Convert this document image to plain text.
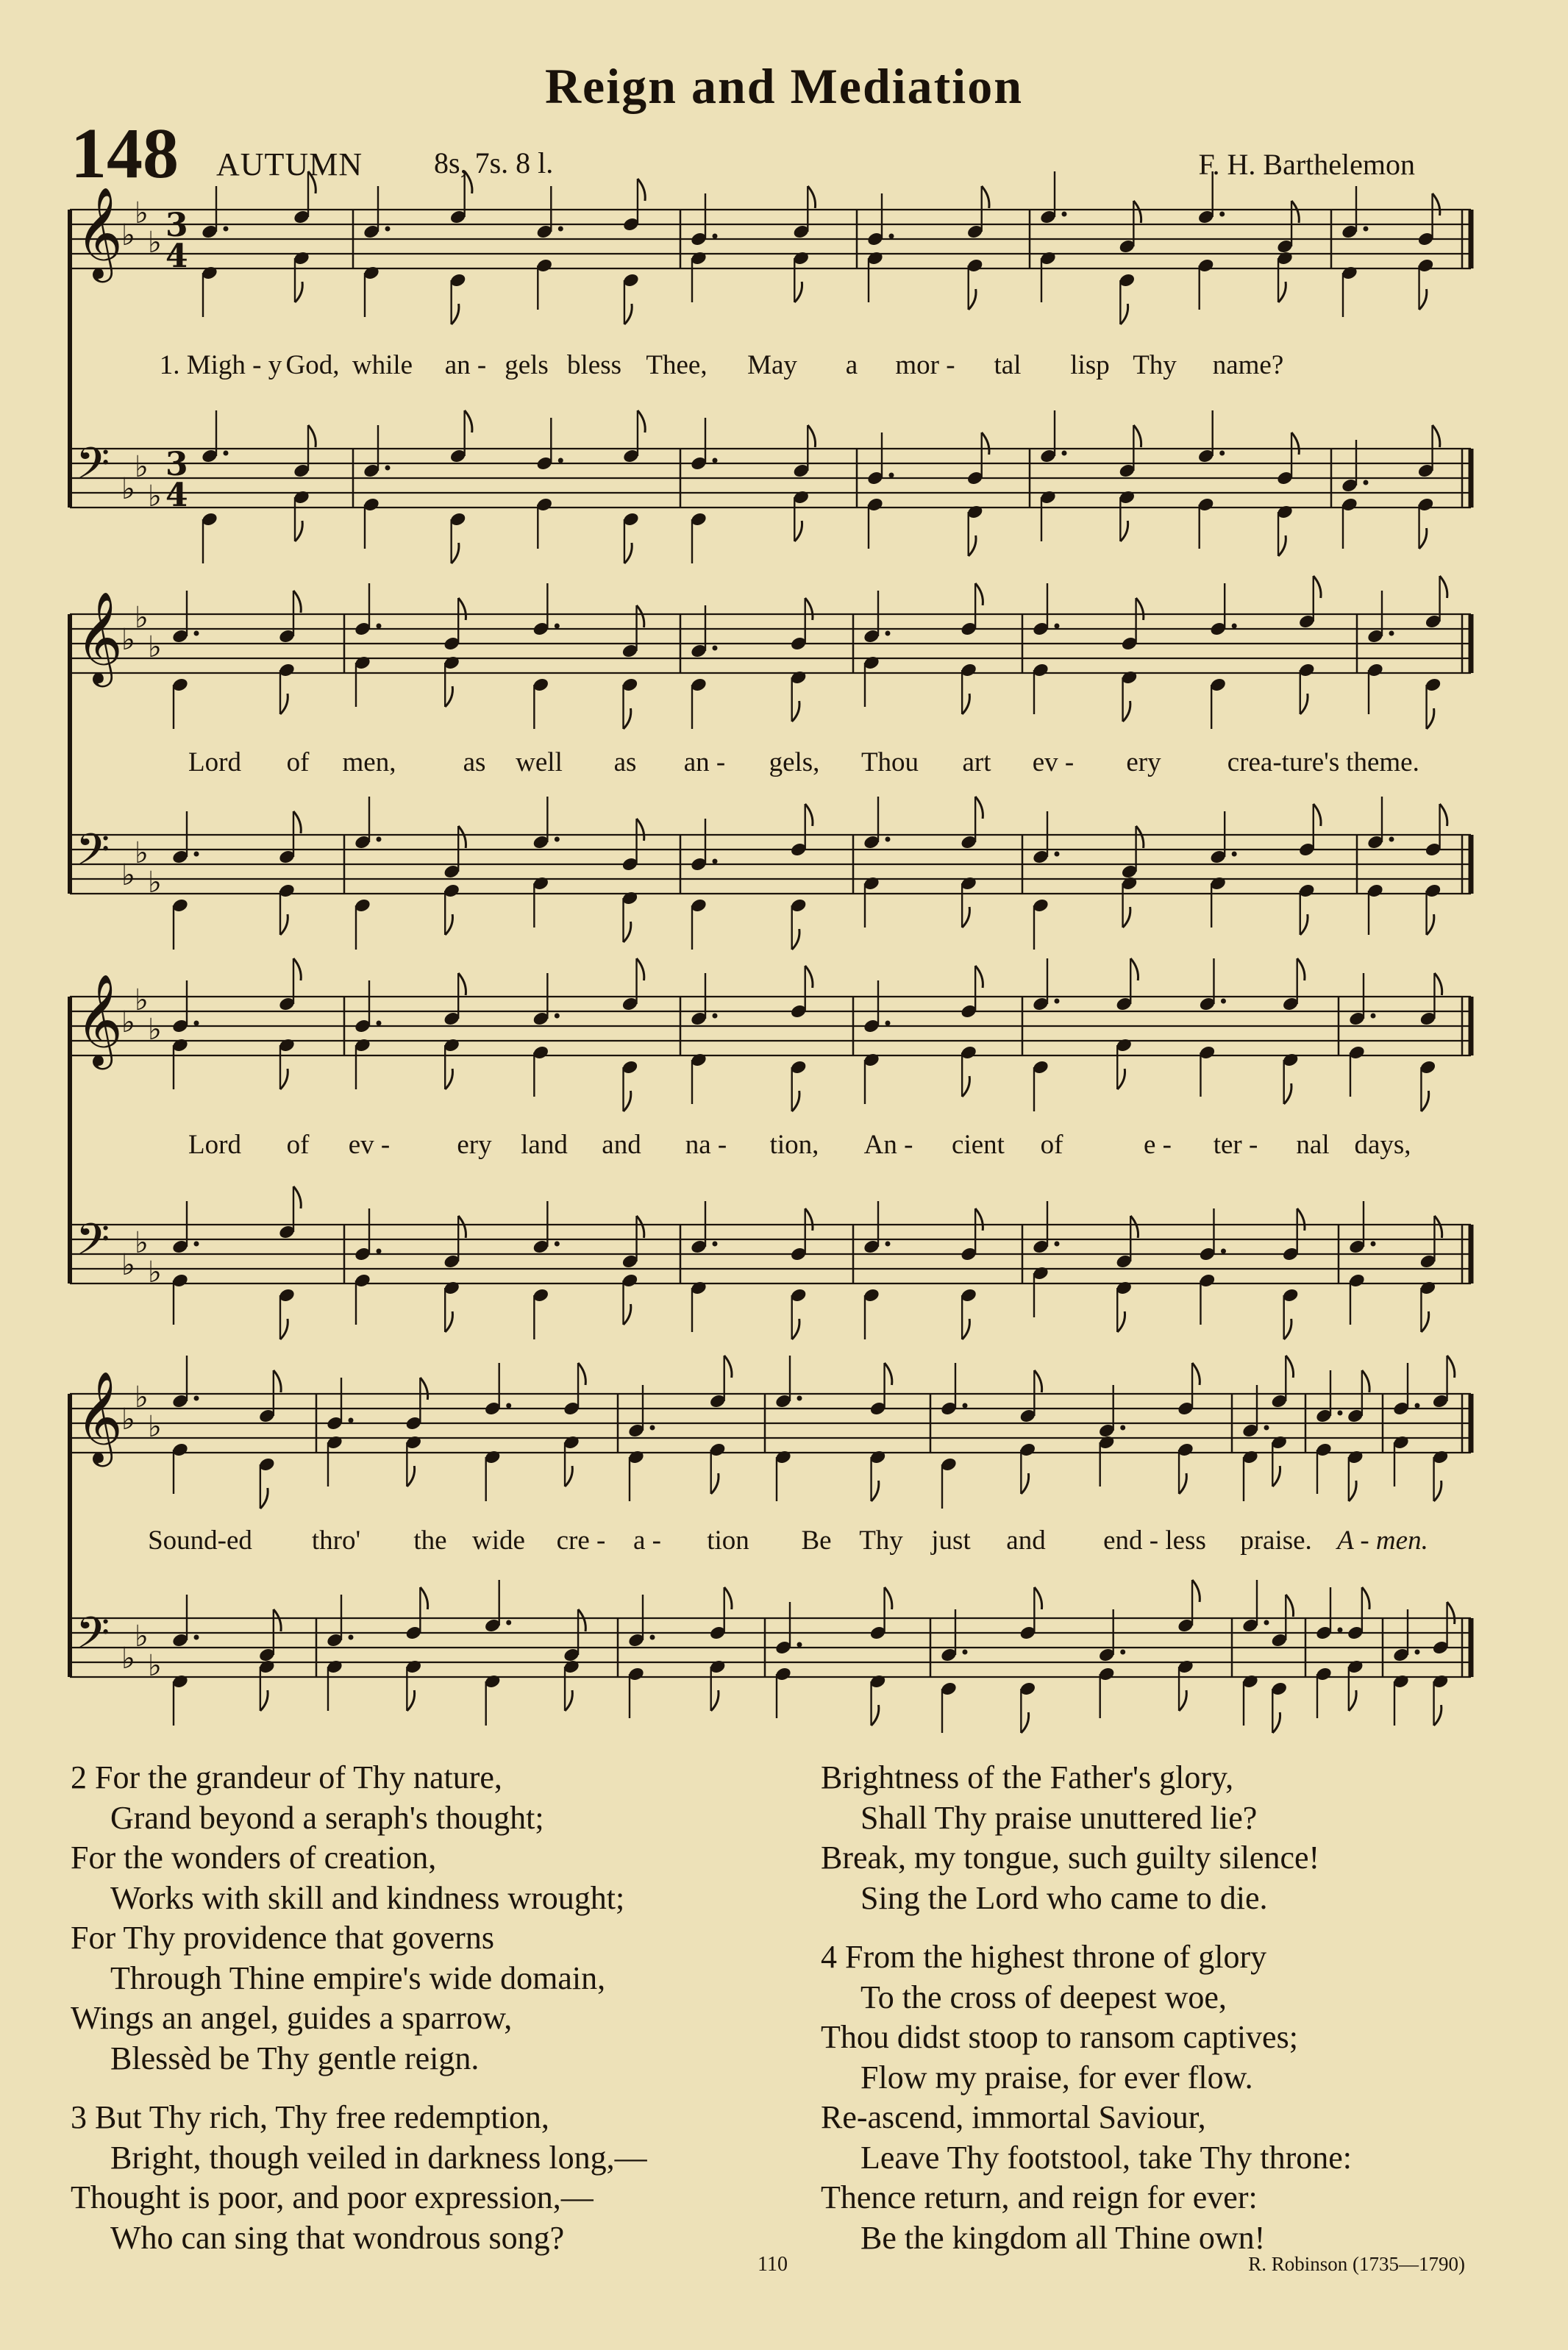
Reign and Mediation
148 AUTUMN 8s, 7s. 8 l.	F. H. Barthelemon
𝄞
♭
♭
♭ 3
4
𝄢 ♭
♭
♭
3
4
𝄞
♭
♭
♭
𝄢 ♭
♭
♭
𝄞
♭
♭
♭
𝄢 ♭
♭
♭
𝄞
♭
♭
♭
𝄢 ♭
♭
♭
1. Migh - y God, while an - gels bless Thee, May a mor - tal lisp Thy name?
Lord of men, as well as an - gels, Thou art ev - ery crea-ture's theme.
Lord of ev - ery land and na - tion, An - cient of	e - ter - nal days,
Sound-ed thro' the wide cre - a - tion Be Thy just and end - less praise. A - men.
2 For the grandeur of Thy nature,
Grand beyond a seraph's thought;
For the wonders of creation,
Works with skill and kindness wrought;
For Thy providence that governs
Through Thine empire's wide domain,
Wings an angel, guides a sparrow,
Blessèd be Thy gentle reign.
3 But Thy rich, Thy free redemption,
Bright, though veiled in darkness long,—
Thought is poor, and poor expression,—
Who can sing that wondrous song?
Brightness of the Father's glory,
Shall Thy praise unuttered lie?
Break, my tongue, such guilty silence!
Sing the Lord who came to die.
4 From the highest throne of glory
To the cross of deepest woe,
Thou didst stoop to ransom captives;
Flow my praise, for ever flow.
Re-ascend, immortal Saviour,
Leave Thy footstool, take Thy throne:
Thence return, and reign for ever:
Be the kingdom all Thine own!
110	R. Robinson (1735—1790)
